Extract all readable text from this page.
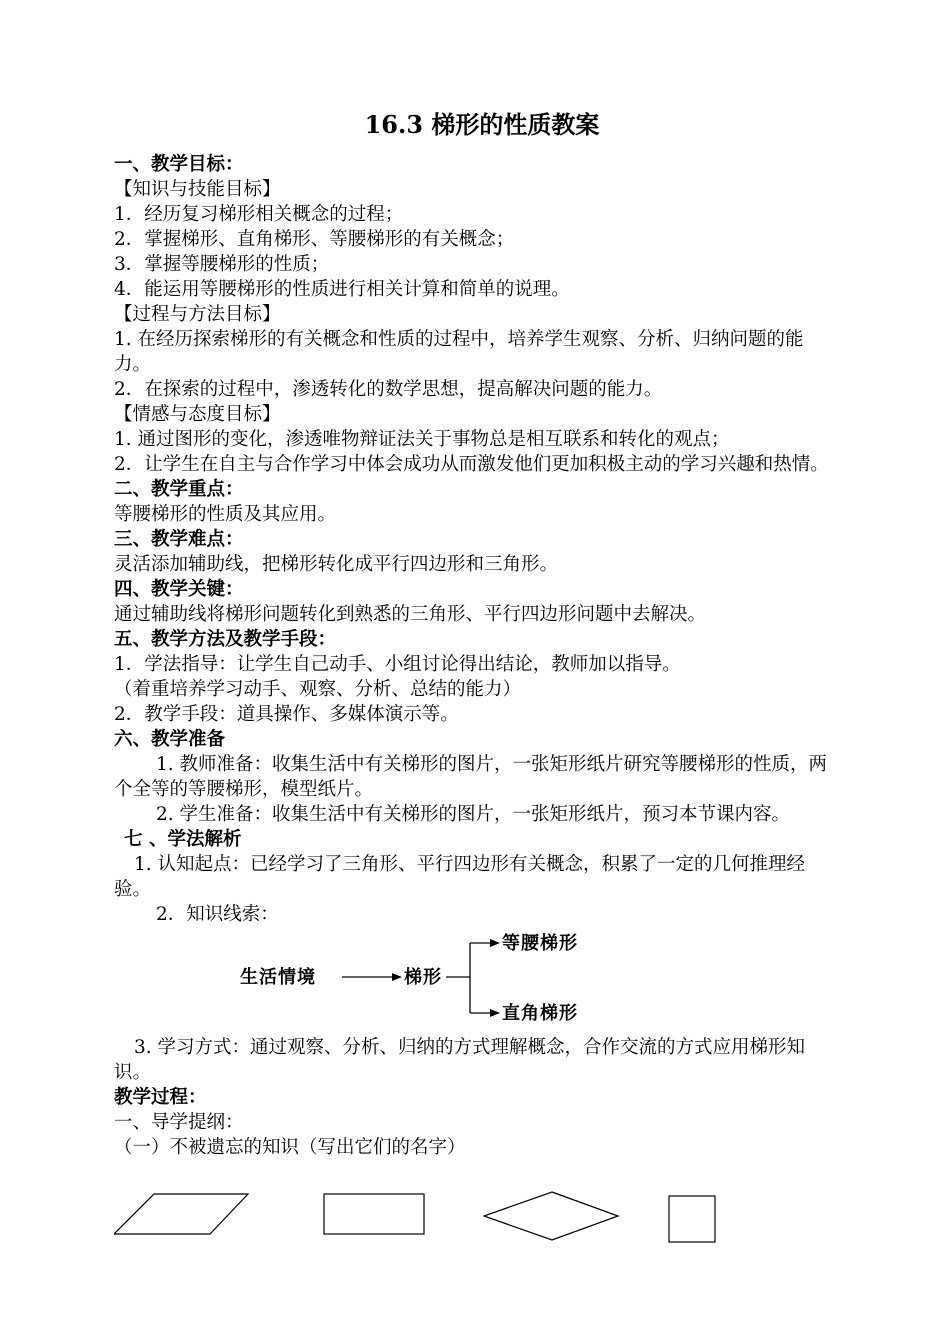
16.3 梯形的性质教案

一、教学目标：

【知识与技能目标】

1．经历复习梯形相关概念的过程；

2．掌握梯形、直角梯形、等腰梯形的有关概念；

3．掌握等腰梯形的性质；

4．能运用等腰梯形的性质进行相关计算和简单的说理。

【过程与方法目标】

1. 在经历探索梯形的有关概念和性质的过程中，培养学生观察、分析、归纳问题的能力。

2．在探索的过程中，渗透转化的数学思想，提高解决问题的能力。

【情感与态度目标】

1. 通过图形的变化，渗透唯物辩证法关于事物总是相互联系和转化的观点；

2．让学生在自主与合作学习中体会成功从而激发他们更加积极主动的学习兴趣和热情。

二、教学重点：

等腰梯形的性质及其应用。

三、教学难点：

灵活添加辅助线，把梯形转化成平行四边形和三角形。

四、教学关键：

通过辅助线将梯形问题转化到熟悉的三角形、平行四边形问题中去解决。

五、教学方法及教学手段：

1．学法指导：让学生自己动手、小组讨论得出结论，教师加以指导。

（着重培养学习动手、观察、分析、总结的能力）

2．教学手段：道具操作、多媒体演示等。

六、教学准备

1. 教师准备：收集生活中有关梯形的图片，一张矩形纸片研究等腰梯形的性质，两个全等的等腰梯形，模型纸片。

2. 学生准备：收集生活中有关梯形的图片，一张矩形纸片，预习本节课内容。

七 、学法解析

1. 认知起点：已经学习了三角形、平行四边形有关概念，积累了一定的几何推理经验。

2．知识线索：

生活情境	梯形
等腰梯形
直角梯形

3. 学习方式：通过观察、分析、归纳的方式理解概念，合作交流的方式应用梯形知识。

教学过程：

一、导学提纲：

（一）不被遗忘的知识（写出它们的名字）
